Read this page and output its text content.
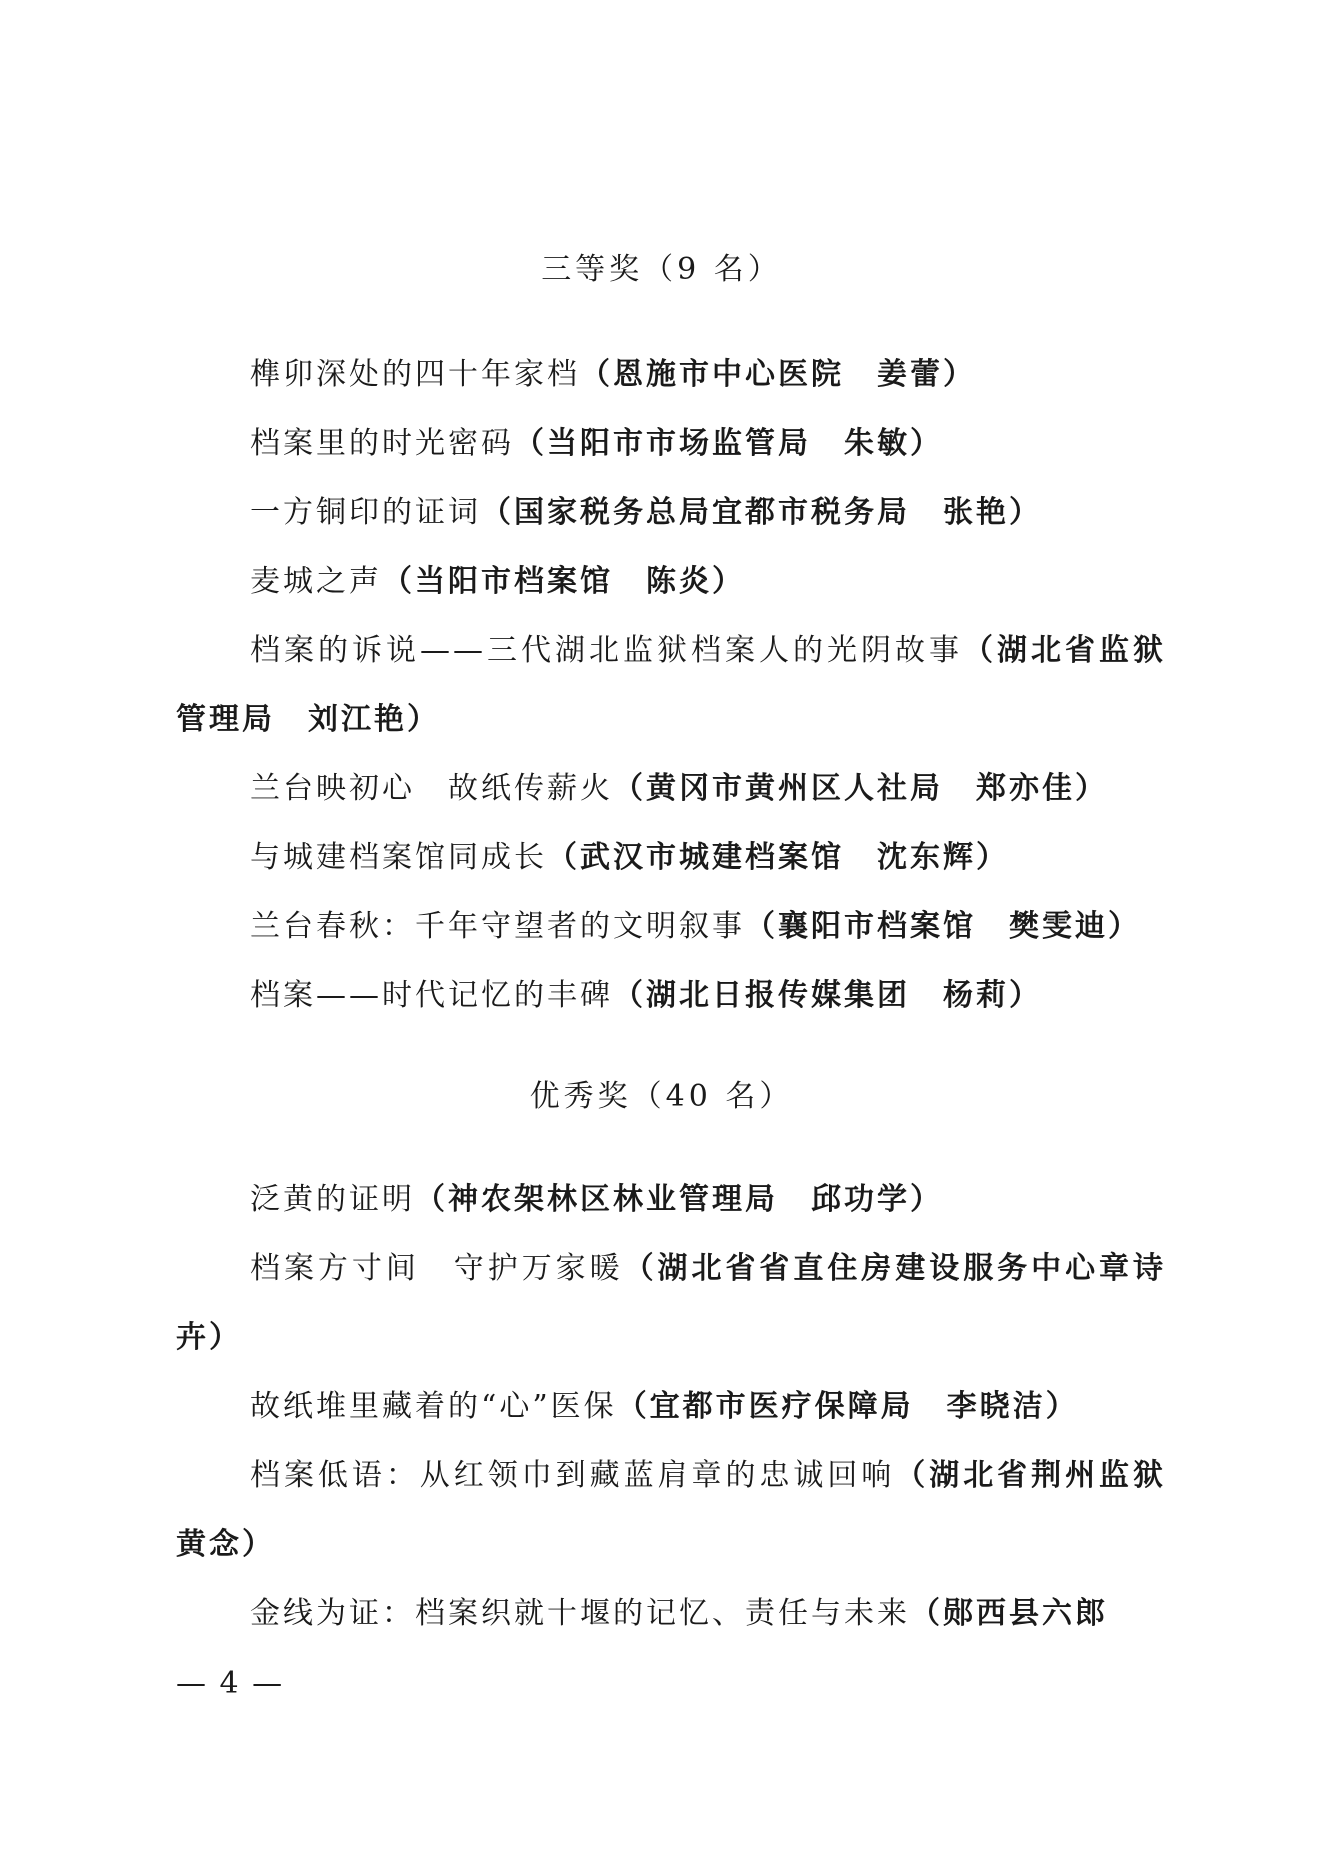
三等奖（9 名）
榫卯深处的四十年家档（恩施市中心医院　姜蕾）
档案里的时光密码（当阳市市场监管局　朱敏）
一方铜印的证词（国家税务总局宜都市税务局　张艳）
麦城之声（当阳市档案馆　陈炎）
档案的诉说——三代湖北监狱档案人的光阴故事（湖北省监狱管理局　刘江艳）
兰台映初心　故纸传薪火（黄冈市黄州区人社局　郑亦佳）
与城建档案馆同成长（武汉市城建档案馆　沈东辉）
兰台春秋：千年守望者的文明叙事（襄阳市档案馆　樊雯迪）
档案——时代记忆的丰碑（湖北日报传媒集团　杨莉）
优秀奖（40 名）
泛黄的证明（神农架林区林业管理局　邱功学）
档案方寸间　守护万家暖（湖北省省直住房建设服务中心章诗卉）
故纸堆里藏着的“心”医保（宜都市医疗保障局　李晓洁）
档案低语：从红领巾到藏蓝肩章的忠诚回响（湖北省荆州监狱　黄念）
金线为证：档案织就十堰的记忆、责任与未来（郧西县六郎
— 4 —
